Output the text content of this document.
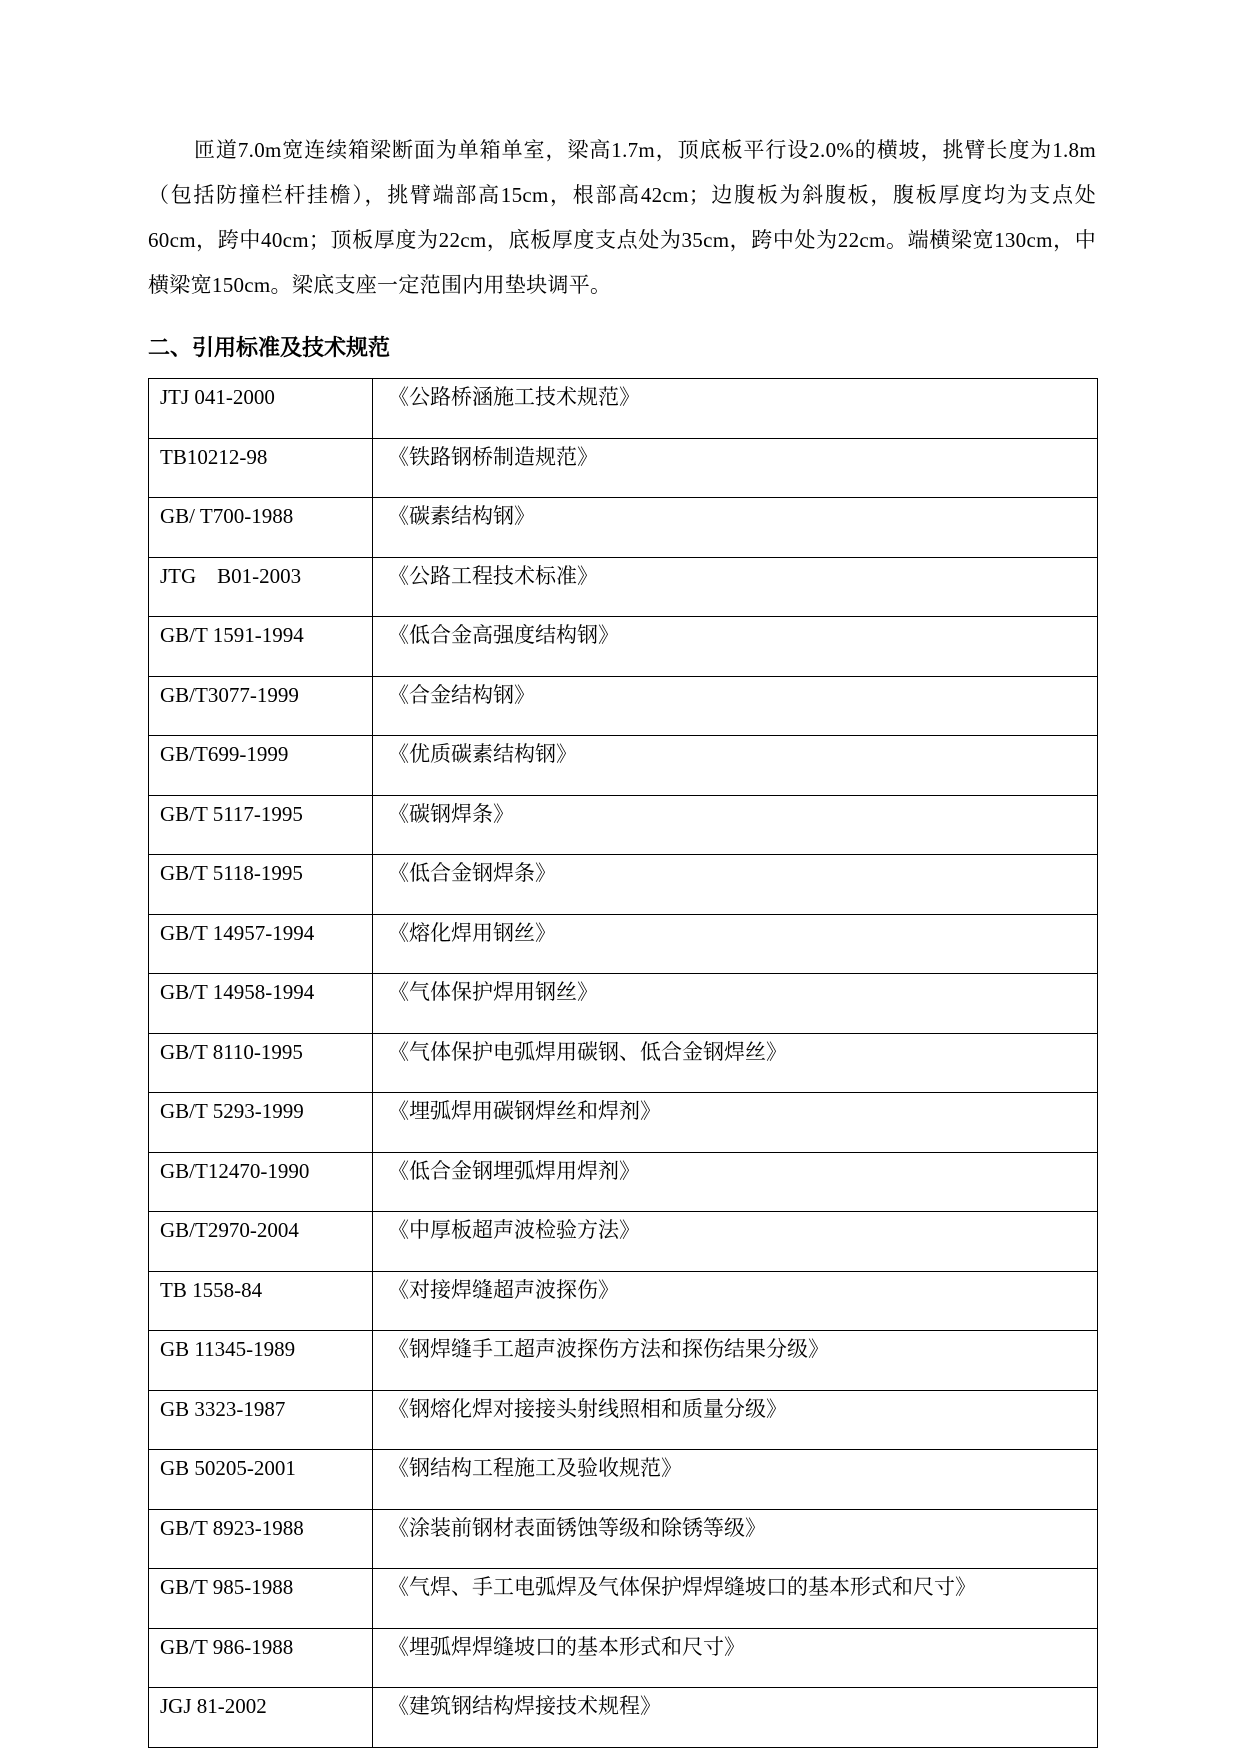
匝道7.0m宽连续箱梁断面为单箱单室，梁高1.7m，顶底板平行设2.0%的横坡，挑臂长度为1.8m（包括防撞栏杆挂檐），挑臂端部高15cm，根部高42cm；边腹板为斜腹板，腹板厚度均为支点处60cm，跨中40cm；顶板厚度为22cm，底板厚度支点处为35cm，跨中处为22cm。端横梁宽130cm，中横梁宽150cm。梁底支座一定范围内用垫块调平。

二、引用标准及技术规范
JTJ 041-2000	《公路桥涵施工技术规范》
TB10212-98	《铁路钢桥制造规范》
GB/ T700-1988	《碳素结构钢》
JTG　B01-2003	《公路工程技术标准》
GB/T 1591-1994	《低合金高强度结构钢》
GB/T3077-1999	《合金结构钢》
GB/T699-1999	《优质碳素结构钢》
GB/T 5117-1995	《碳钢焊条》
GB/T 5118-1995	《低合金钢焊条》
GB/T 14957-1994	《熔化焊用钢丝》
GB/T 14958-1994	《气体保护焊用钢丝》
GB/T 8110-1995	《气体保护电弧焊用碳钢、低合金钢焊丝》
GB/T 5293-1999	《埋弧焊用碳钢焊丝和焊剂》
GB/T12470-1990	《低合金钢埋弧焊用焊剂》
GB/T2970-2004	《中厚板超声波检验方法》
TB 1558-84	《对接焊缝超声波探伤》
GB 11345-1989	《钢焊缝手工超声波探伤方法和探伤结果分级》
GB 3323-1987	《钢熔化焊对接接头射线照相和质量分级》
GB 50205-2001	《钢结构工程施工及验收规范》
GB/T 8923-1988	《涂装前钢材表面锈蚀等级和除锈等级》
GB/T 985-1988	《气焊、手工电弧焊及气体保护焊焊缝坡口的基本形式和尺寸》
GB/T 986-1988	《埋弧焊焊缝坡口的基本形式和尺寸》
JGJ 81-2002	《建筑钢结构焊接技术规程》
